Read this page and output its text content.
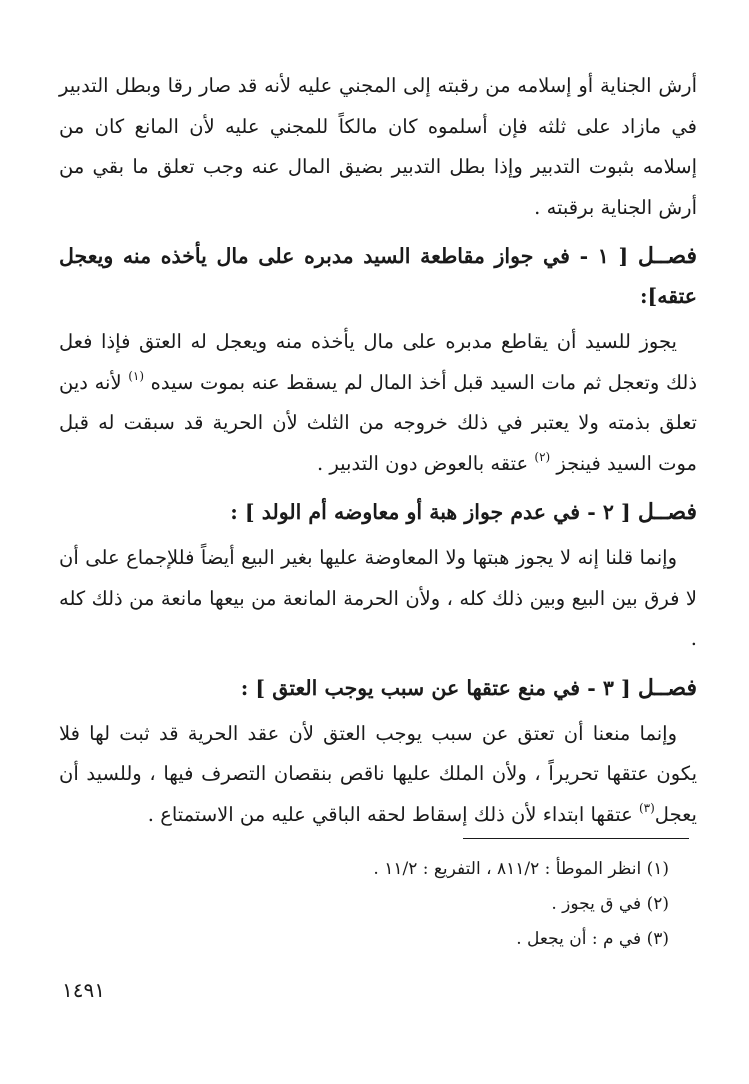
أرش الجناية أو إسلامه من رقبته إلى المجني عليه لأنه قد صار رقا وبطل التدبير في مازاد على ثلثه فإن أسلموه كان مالكاً للمجني عليه لأن المانع كان من إسلامه بثبوت التدبير وإذا بطل التدبير بضيق المال عنه وجب تعلق ما بقي من أرش الجناية برقبته .

فصــل [ ١ - في جواز مقاطعة السيد مدبره على مال يأخذه منه ويعجل عتقه]:

يجوز للسيد أن يقاطع مدبره على مال يأخذه منه ويعجل له العتق فإذا فعل ذلك وتعجل ثم مات السيد قبل أخذ المال لم يسقط عنه بموت سيده $^{(١)}$ لأنه دين تعلق بذمته ولا يعتبر في ذلك خروجه من الثلث لأن الحرية قد سبقت له قبل موت السيد فينجز $^{(٢)}$ عتقه بالعوض دون التدبير .

فصــل [ ٢ - في عدم جواز هبة أو معاوضه أم الولد ] :

وإنما قلنا إنه لا يجوز هبتها ولا المعاوضة عليها بغير البيع أيضاً فللإجماع على أن لا فرق بين البيع وبين ذلك كله ، ولأن الحرمة المانعة من بيعها مانعة من ذلك كله .

فصــل [ ٣ - في منع عتقها عن سبب يوجب العتق ] :

وإنما منعنا أن تعتق عن سبب يوجب العتق لأن عقد الحرية قد ثبت لها فلا يكون عتقها تحريراً ، ولأن الملك عليها ناقص بنقصان التصرف فيها ، وللسيد أن يعجل$^{(٣)}$ عتقها ابتداء لأن ذلك إسقاط لحقه الباقي عليه من الاستمتاع .

(١) انظر الموطأ : ٨١١/٢ ، التفريع : ١١/٢ .

(٢) في ق يجوز .

(٣) في م : أن يجعل .

١٤٩١
